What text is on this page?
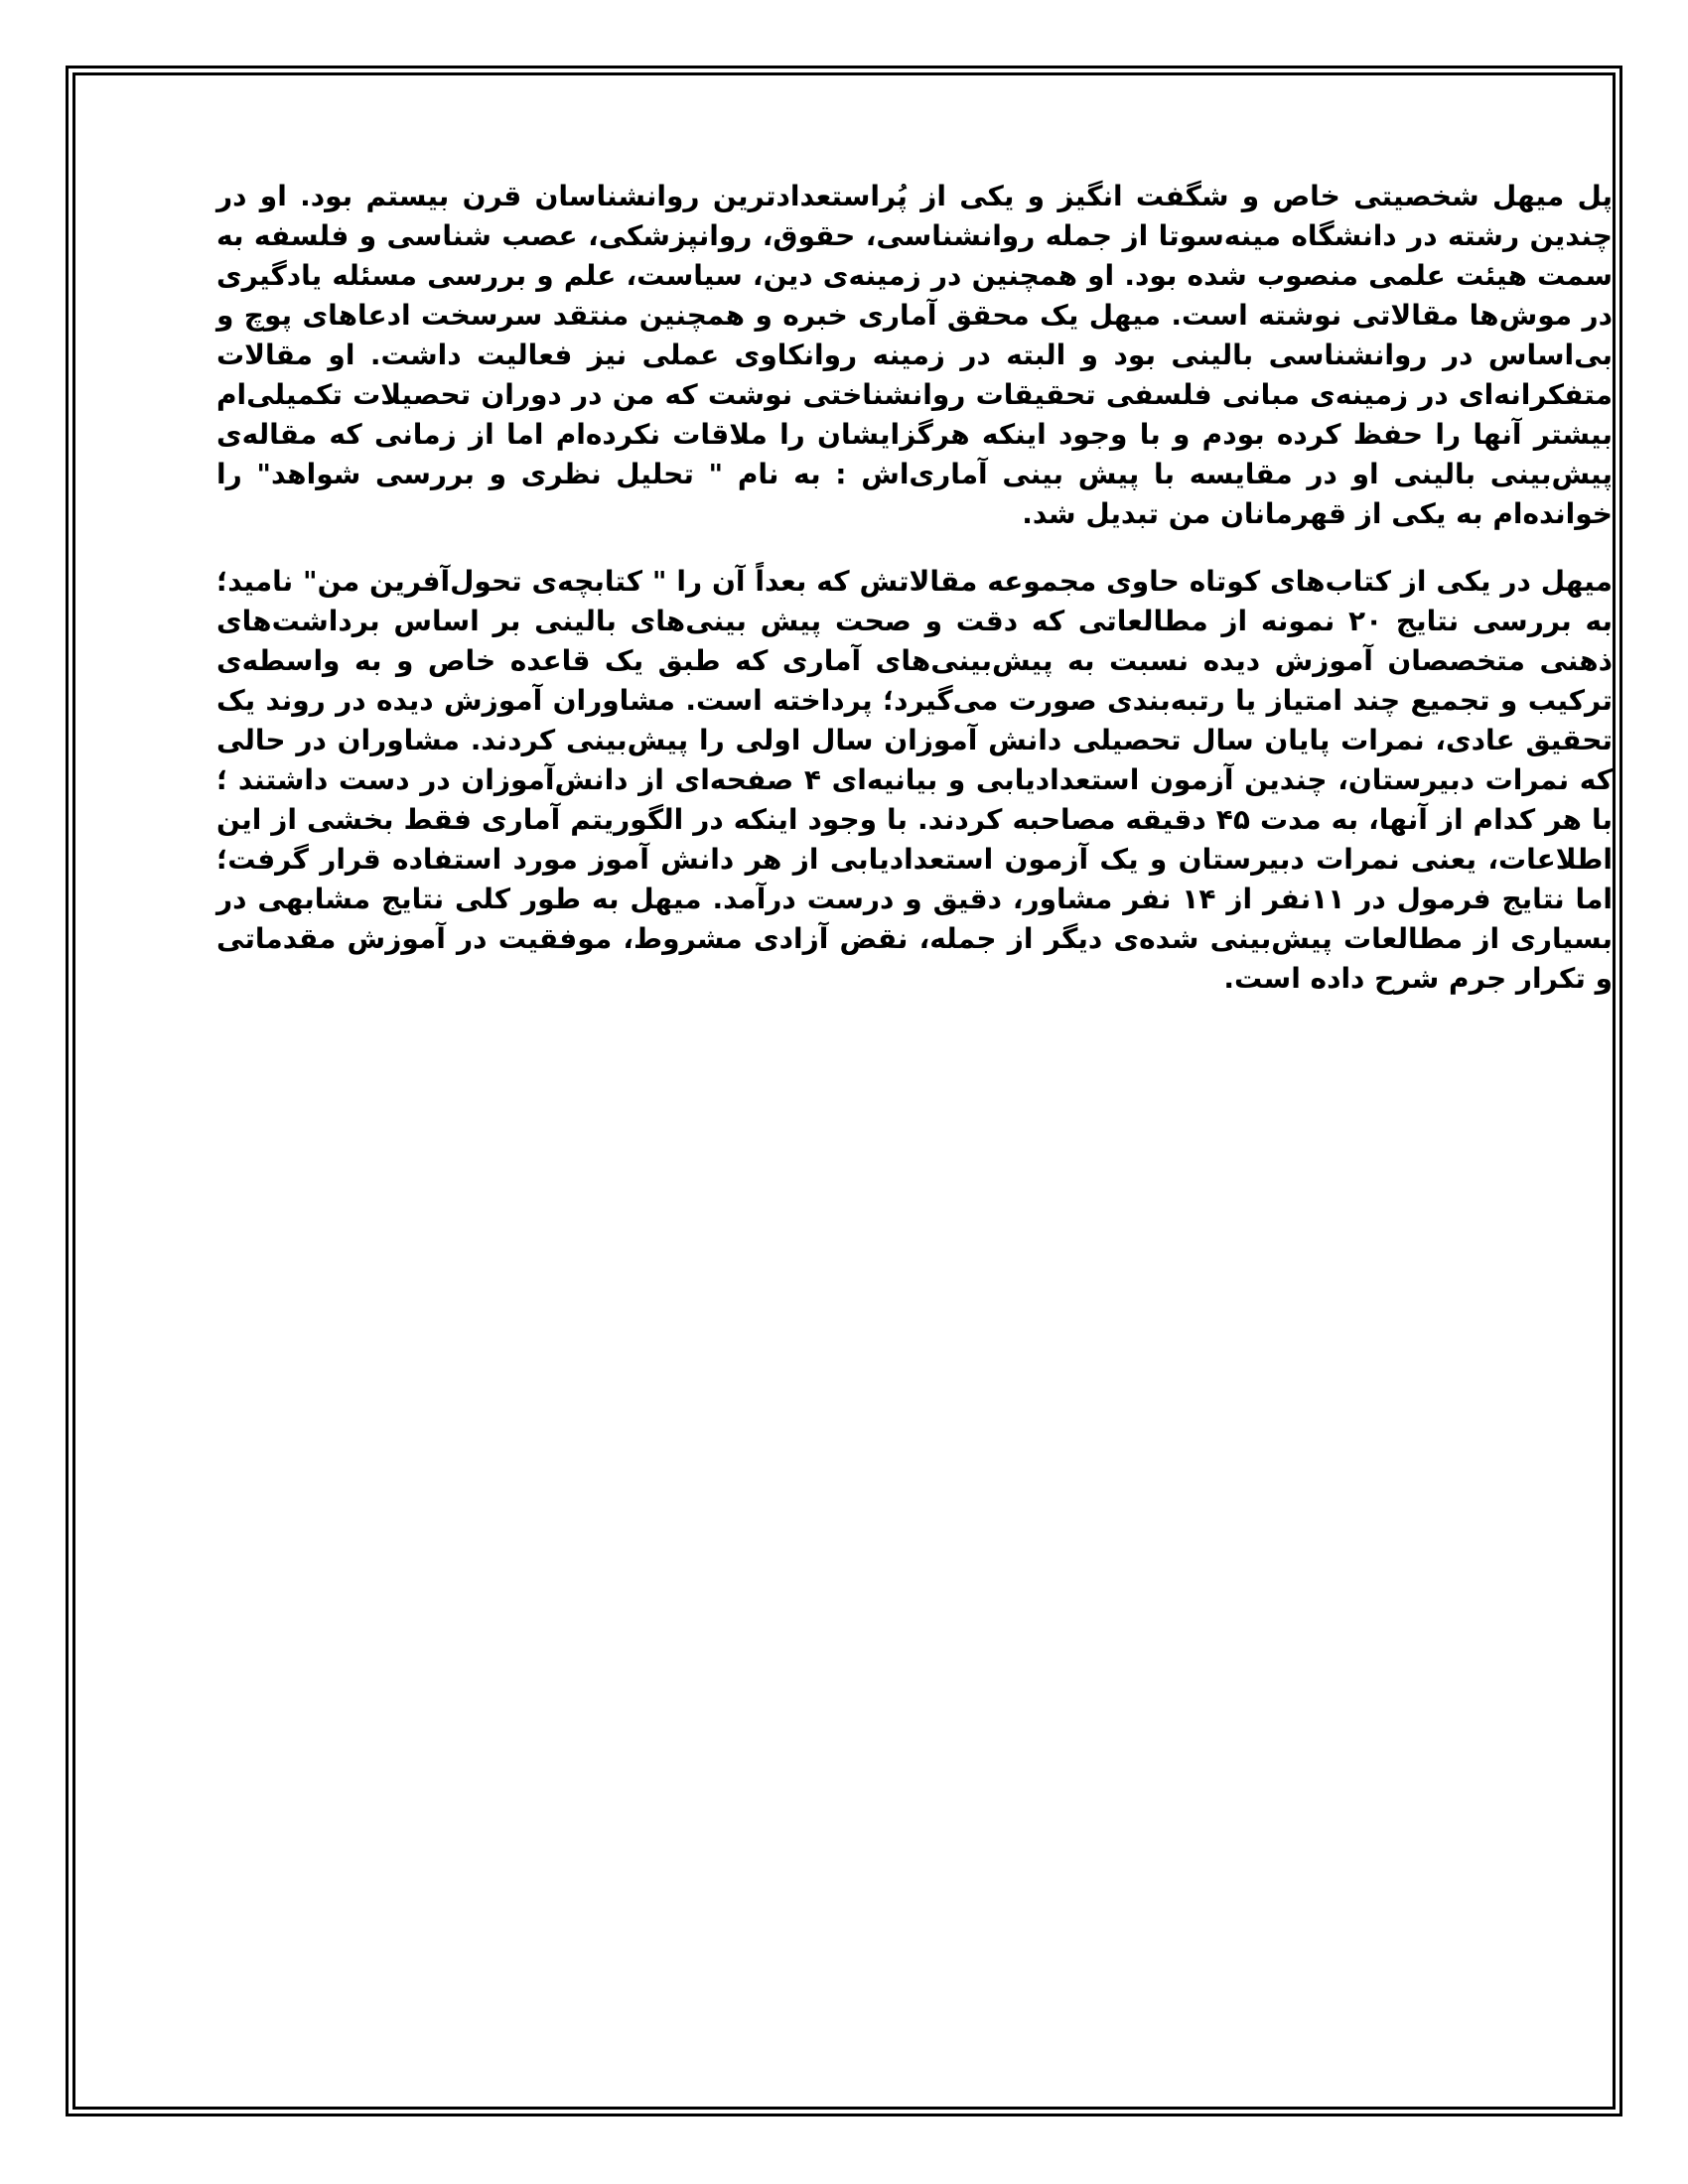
پل میهل شخصیتی خاص و شگفت انگیز و یکی از پُراستعدادترین روانشناسان قرن بیستم بود. او در چندین رشته در دانشگاه مینه‌سوتا از جمله روانشناسی، حقوق، روانپزشکی، عصب شناسی و فلسفه به سمت هیئت علمی منصوب شده بود. او همچنین در زمینه‌ی دین، سیاست، علم و بررسی مسئله یادگیری در موش‌ها مقالاتی نوشته است. میهل یک محقق آماری خبره و همچنین منتقد سرسخت ادعاهای پوچ و بی‌اساس در روانشناسی بالینی بود و البته در زمینه روانکاوی عملی نیز فعالیت داشت. او مقالات متفکرانه‌ای در زمینه‌ی مبانی فلسفی تحقیقات روانشناختی نوشت که من در دوران تحصیلات تکمیلی‌ام بیشتر آنها را حفظ کرده بودم و با وجود اینکه هرگزایشان را ملاقات نکرده‌ام اما از زمانی که مقاله‌ی پیش‌بینی بالینی او در مقایسه با پیش بینی آماری‌اش : به نام " تحلیل نظری و بررسی شواهد" را خوانده‌ام به یکی از قهرمانان من تبدیل شد.

میهل در یکی از کتاب‌های کوتاه حاوی مجموعه مقالاتش که بعداً آن را " کتابچه‌ی تحول‌آفرین من" نامید؛ به بررسی نتایج ۲۰ نمونه از مطالعاتی که دقت و صحت پیش بینی‌های بالینی بر اساس برداشت‌های ذهنی متخصصان آموزش دیده نسبت به پیش‌بینی‌های آماری که طبق یک قاعده خاص و به واسطه‌ی ترکیب و تجمیع چند امتیاز یا رتبه‌بندی صورت می‌گیرد؛ پرداخته است. مشاوران آموزش دیده در روند یک تحقیق عادی، نمرات پایان سال تحصیلی دانش آموزان سال اولی را پیش‌بینی کردند. مشاوران در حالی که نمرات دبیرستان، چندین آزمون استعدادیابی و بیانیه‌ای ۴ صفحه‌ای از دانش‌آموزان در دست داشتند ؛ با هر کدام از آنها، به مدت ۴۵ دقیقه مصاحبه کردند. با وجود اینکه در الگوریتم آماری فقط بخشی از این اطلاعات، یعنی نمرات دبیرستان و یک آزمون استعدادیابی از هر دانش آموز مورد استفاده قرار گرفت؛ اما نتایج فرمول در ۱۱نفر از ۱۴ نفر مشاور، دقیق و درست درآمد. میهل به طور کلی نتایج مشابهی در بسیاری از مطالعات پیش‌بینی شده‌ی دیگر از جمله، نقض آزادی مشروط، موفقیت در آموزش مقدماتی و تکرار جرم شرح داده است.
